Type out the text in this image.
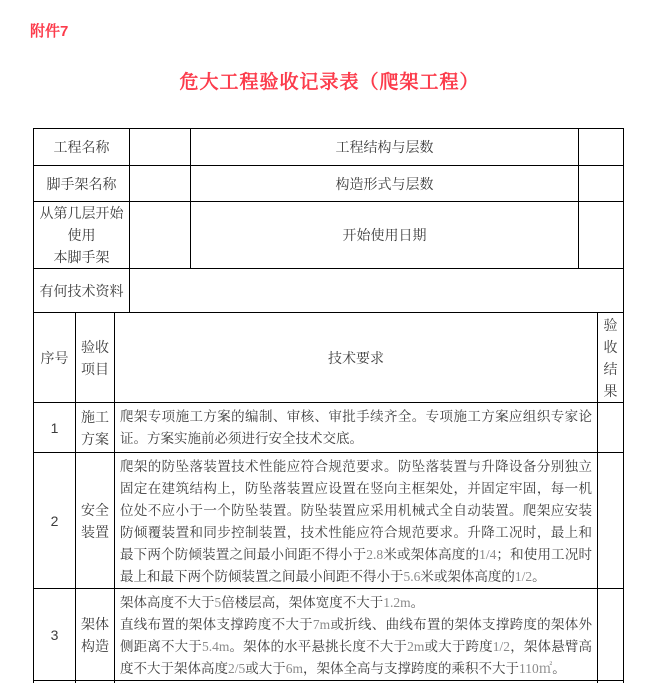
附件7
危大工程验收记录表（爬架工程）
工程名称		工程结构与层数	
脚手架名称		构造形式与层数	

从第几层开始
使用
本脚手架		开始使用日期	
有何技术资料			
序号	验收项目	技术要求	验收结果

1	施工方案	爬架专项施工方案的编制、审核、审批手续齐全。专项施工方案应组织专家论证。方案实施前必须进行安全技术交底。	

2	安全装置	爬架的防坠落装置技术性能应符合规范要求。防坠落装置与升降设备分别独立固定在建筑结构上，防坠落装置应设置在竖向主框架处，并固定牢固，每一机位处不应小于一个防坠装置。防坠装置应采用机械式全自动装置。爬架应安装防倾覆装置和同步控制装置，技术性能应符合规范要求。升降工况时，最上和最下两个防倾装置之间最小间距不得小于2.8米或架体高度的1/4；和使用工况时最上和最下两个防倾装置之间最小间距不得小于5.6米或架体高度的1/2。	

3	架体构造	架体高度不大于5倍楼层高，架体宽度不大于1.2m。
直线布置的架体支撑跨度不大于7m或折线、曲线布置的架体支撑跨度的架体外侧距离不大于5.4m。架体的水平悬挑长度不大于2m或大于跨度1/2，架体悬臂高度不大于架体高度2/5或大于6m，架体全高与支撑跨度的乘积不大于110㎡。	
